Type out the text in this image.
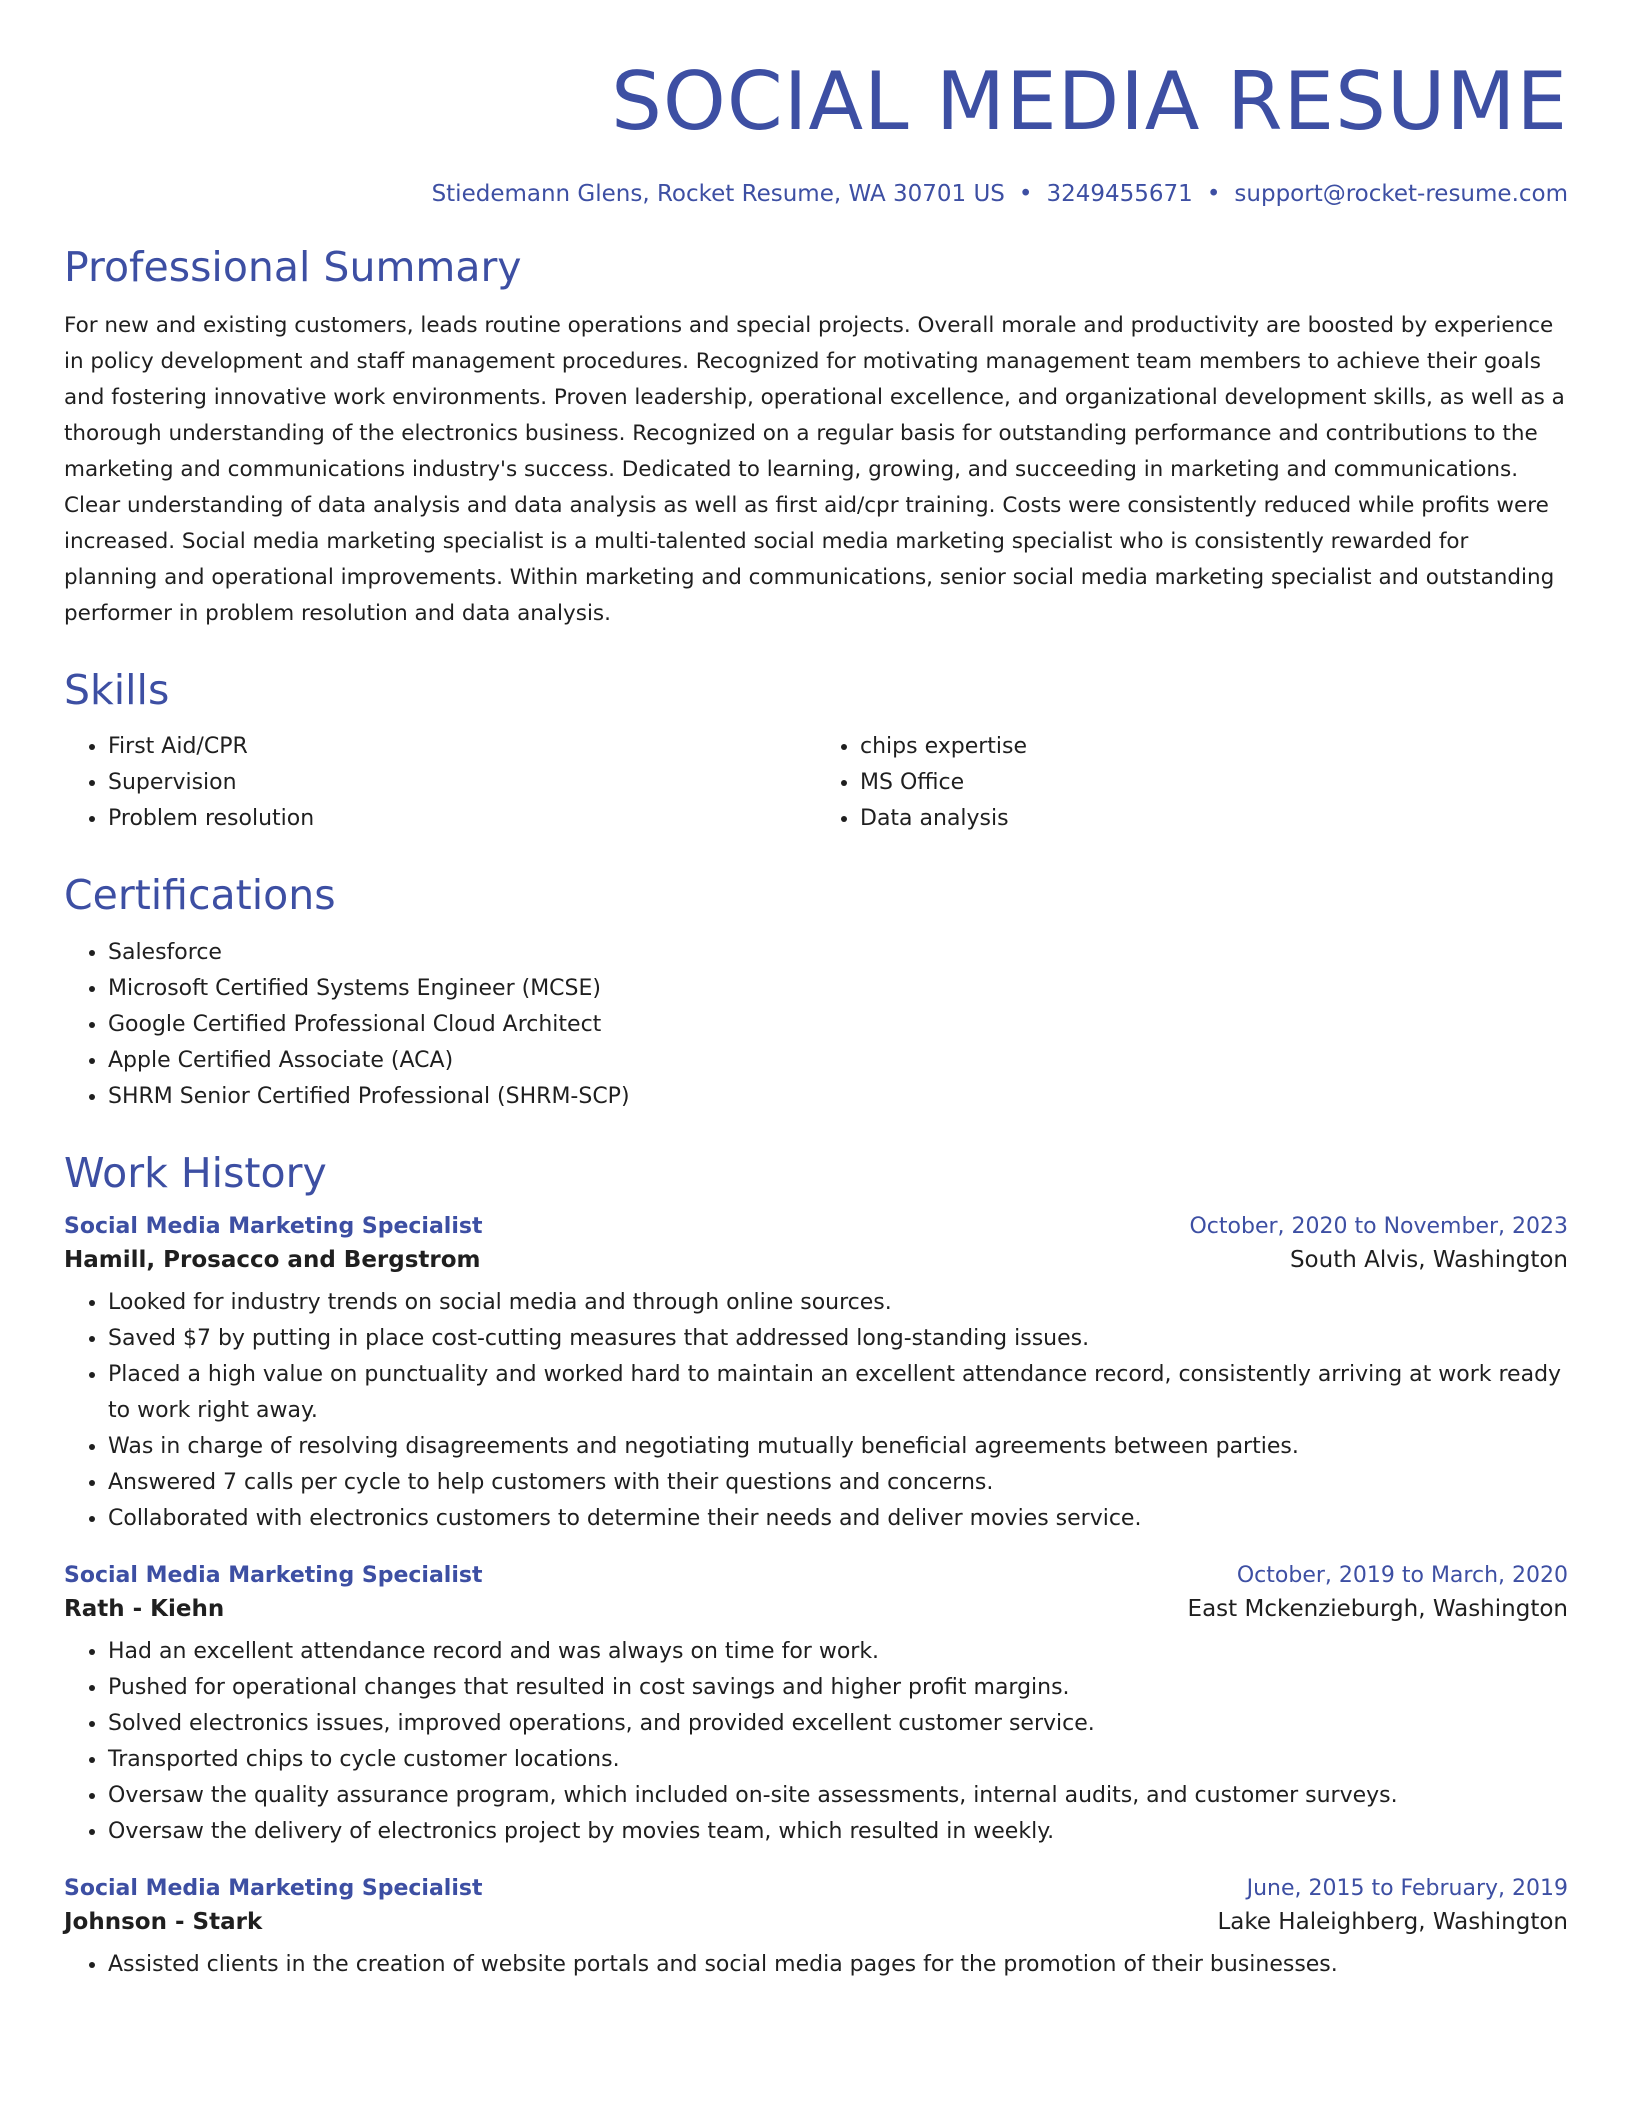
SOCIAL MEDIA RESUME
Stiedemann Glens, Rocket Resume, WA 30701 US • 3249455671 • support@rocket-resume.com
Professional Summary
For new and existing customers, leads routine operations and special projects. Overall morale and productivity are boosted by experience in policy development and staff management procedures. Recognized for motivating management team members to achieve their goals and fostering innovative work environments. Proven leadership, operational excellence, and organizational development skills, as well as a thorough understanding of the electronics business. Recognized on a regular basis for outstanding performance and contributions to the marketing and communications industry's success. Dedicated to learning, growing, and succeeding in marketing and communications. Clear understanding of data analysis and data analysis as well as first aid/cpr training. Costs were consistently reduced while profits were increased. Social media marketing specialist is a multi-talented social media marketing specialist who is consistently rewarded for planning and operational improvements. Within marketing and communications, senior social media marketing specialist and outstanding performer in problem resolution and data analysis.
Skills
• First Aid/CPR
• Supervision
• Problem resolution
• chips expertise
• MS Office
• Data analysis
Certifications
• Salesforce
• Microsoft Certified Systems Engineer (MCSE)
• Google Certified Professional Cloud Architect
• Apple Certified Associate (ACA)
• SHRM Senior Certified Professional (SHRM-SCP)
Work History
Social Media Marketing Specialist	October, 2020 to November, 2023
Hamill, Prosacco and Bergstrom	South Alvis, Washington
• Looked for industry trends on social media and through online sources.
• Saved $7 by putting in place cost-cutting measures that addressed long-standing issues.
• Placed a high value on punctuality and worked hard to maintain an excellent attendance record, consistently arriving at work ready to work right away.
• Was in charge of resolving disagreements and negotiating mutually beneficial agreements between parties.
• Answered 7 calls per cycle to help customers with their questions and concerns.
• Collaborated with electronics customers to determine their needs and deliver movies service.
Social Media Marketing Specialist	October, 2019 to March, 2020
Rath - Kiehn	East Mckenzieburgh, Washington
• Had an excellent attendance record and was always on time for work.
• Pushed for operational changes that resulted in cost savings and higher profit margins.
• Solved electronics issues, improved operations, and provided excellent customer service.
• Transported chips to cycle customer locations.
• Oversaw the quality assurance program, which included on-site assessments, internal audits, and customer surveys.
• Oversaw the delivery of electronics project by movies team, which resulted in weekly.
Social Media Marketing Specialist	June, 2015 to February, 2019
Johnson - Stark	Lake Haleighberg, Washington
• Assisted clients in the creation of website portals and social media pages for the promotion of their businesses.
